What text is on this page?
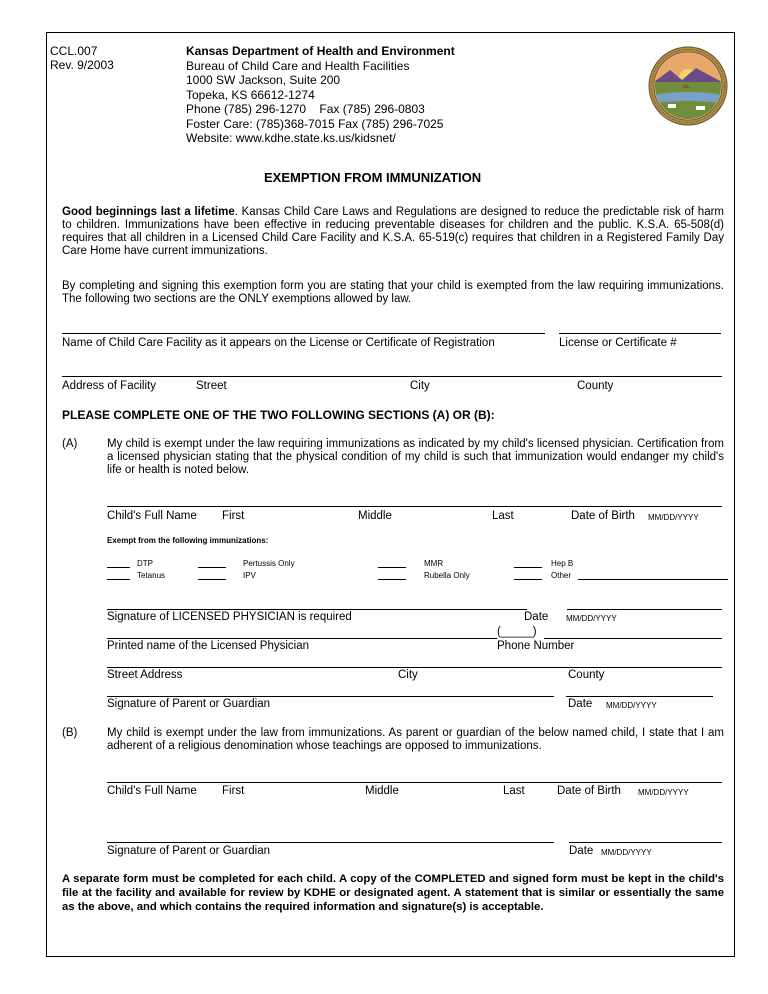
CCL.007
Rev. 9/2003
Kansas Department of Health and Environment
Bureau of Child Care and Health Facilities
1000 SW Jackson, Suite 200
Topeka, KS 66612-1274
Phone (785) 296-1270    Fax (785) 296-0803
Foster Care: (785)368-7015 Fax (785) 296-7025
Website: www.kdhe.state.ks.us/kidsnet/
EXEMPTION FROM IMMUNIZATION
Good beginnings last a lifetime. Kansas Child Care Laws and Regulations are designed to reduce the predictable risk of harm to children. Immunizations have been effective in reducing preventable diseases for children and the public. K.S.A. 65-508(d) requires that all children in a Licensed Child Care Facility and K.S.A. 65-519(c) requires that children in a Registered Family Day Care Home have current immunizations.
By completing and signing this exemption form you are stating that your child is exempted from the law requiring immunizations. The following two sections are the ONLY exemptions allowed by law.
Name of Child Care Facility as it appears on the License or Certificate of Registration	License or Certificate #
Address of Facility	Street	City	County
PLEASE COMPLETE ONE OF THE TWO FOLLOWING SECTIONS (A) OR (B):
(A)	My child is exempt under the law requiring immunizations as indicated by my child's licensed physician. Certification from a licensed physician stating that the physical condition of my child is such that immunization would endanger my child's life or health is noted below.
Child's Full Name First	Middle	Last	Date of Birth MM/DD/YYYY
Exempt from the following immunizations:
DTP	Pertussis Only	MMR	Hep B
Tetanus	IPV	Rubella Only	Other
Signature of LICENSED PHYSICIAN is required	Date MM/DD/YYYY
(_____)
Printed name of the Licensed Physician	Phone Number
Street Address	City	County
Signature of Parent or Guardian	Date MM/DD/YYYY
(B)	My child is exempt under the law from immunizations. As parent or guardian of the below named child, I state that I am adherent of a religious denomination whose teachings are opposed to immunizations.
Child's Full Name First	Middle	Last	Date of Birth MM/DD/YYYY
Signature of Parent or Guardian	Date MM/DD/YYYY
A separate form must be completed for each child. A copy of the COMPLETED and signed form must be kept in the child's file at the facility and available for review by KDHE or designated agent. A statement that is similar or essentially the same as the above, and which contains the required information and signature(s) is acceptable.
